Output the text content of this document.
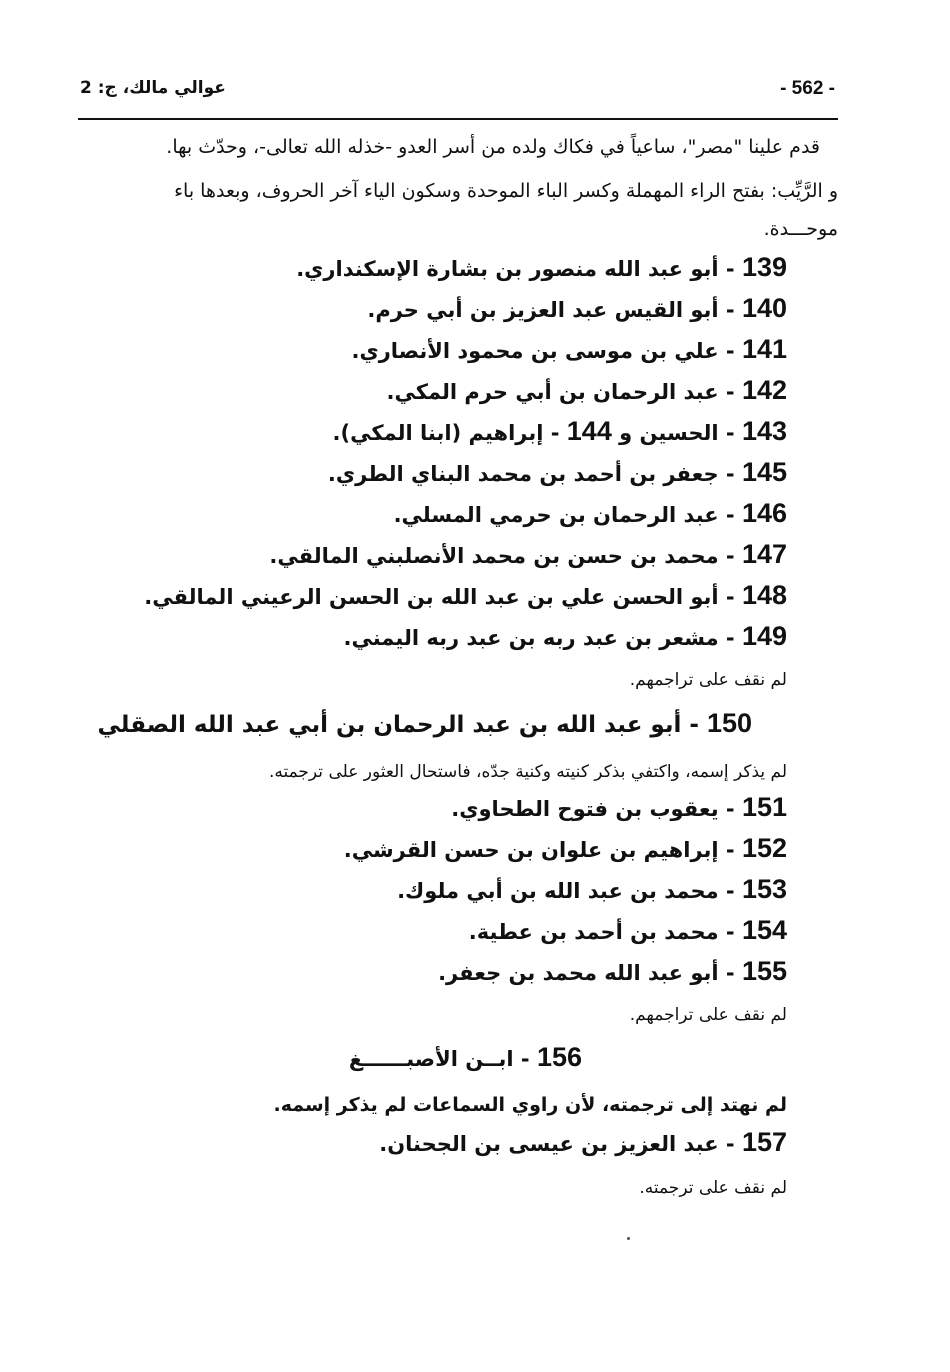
- 562 -
عوالي مالك، ج: 2
قدم علينا "مصر"، ساعياً في فكاك ولده من أسر العدو -خذله الله تعالى-، وحدّث بها.
و الرَّيِّب: بفتح الراء المهملة وكسر الباء الموحدة وسكون الياء آخر الحروف، وبعدها باء
موحـــدة.
139 - أبو عبد الله منصور بن بشارة الإسكنداري.
140 - أبو القيس عبد العزيز بن أبي حرم.
141 - علي بن موسى بن محمود الأنصاري.
142 - عبد الرحمان بن أبي حرم المكي.
143 - الحسين و 144 - إبراهيم (ابنا المكي).
145 - جعفر بن أحمد بن محمد البناي الطري.
146 - عبد الرحمان بن حرمي المسلي.
147 - محمد بن حسن بن محمد الأنصلبني المالقي.
148 - أبو الحسن علي بن عبد الله بن الحسن الرعيني المالقي.
149 - مشعر بن عبد ربه بن عبد ربه اليمني.
لم نقف على تراجمهم.
150 - أبو عبد الله بن عبد الرحمان بن أبي عبد الله الصقلي
لم يذكر إسمه، واكتفي بذكر كنيته وكنية جدّه، فاستحال العثور على ترجمته.
151 - يعقوب بن فتوح الطحاوي.
152 - إبراهيم بن علوان بن حسن القرشي.
153 - محمد بن عبد الله بن أبي ملوك.
154 - محمد بن أحمد بن عطية.
155 - أبو عبد الله محمد بن جعفر.
لم نقف على تراجمهم.
156 - ابــن الأصبــــــغ
لم نهتد إلى ترجمته، لأن راوي السماعات لم يذكر إسمه.
157 - عبد العزيز بن عيسى بن الجحنان.
لم نقف على ترجمته.
